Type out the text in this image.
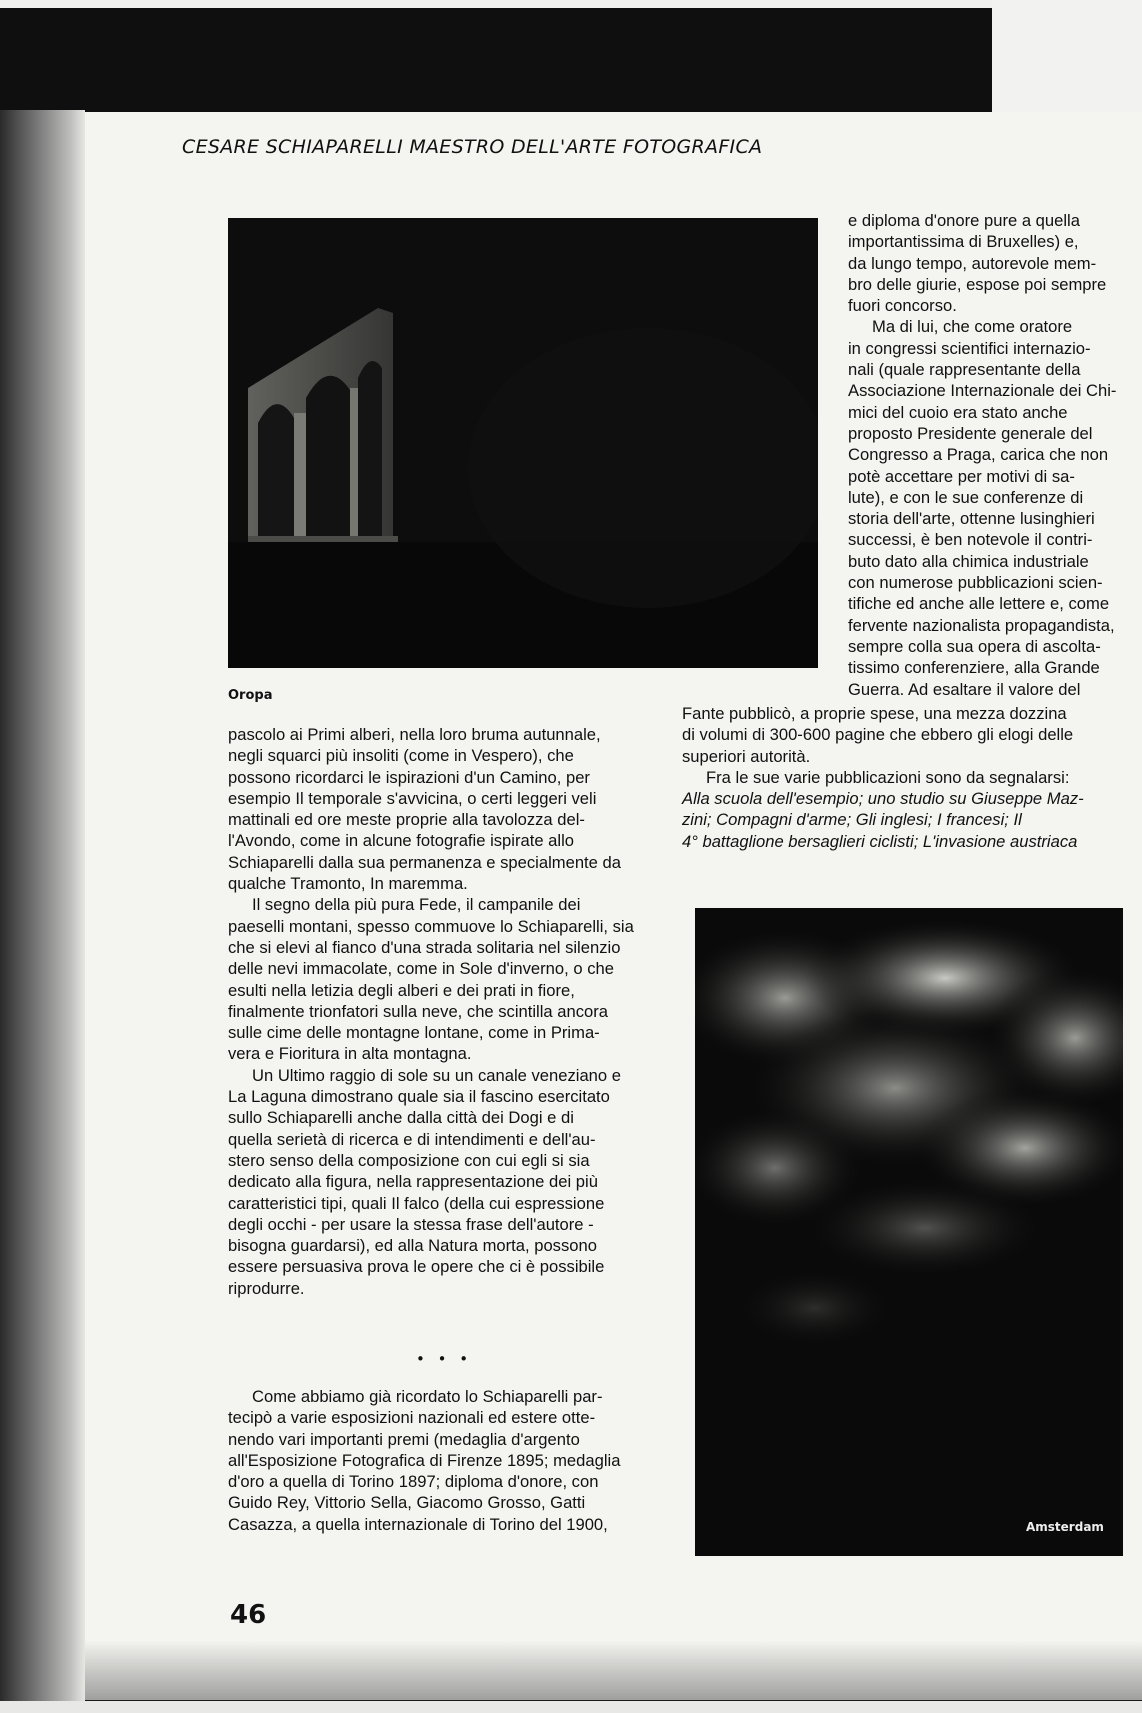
CESARE SCHIAPARELLI MAESTRO DELL'ARTE FOTOGRAFICA
Oropa

e diploma d'onore pure a quella
importantissima di Bruxelles) e,
da lungo tempo, autorevole mem-
bro delle giurie, espose poi sempre
fuori concorso.

Ma di lui, che come oratore
in congressi scientifici internazio-
nali (quale rappresentante della
Associazione Internazionale dei Chi-
mici del cuoio era stato anche
proposto Presidente generale del
Congresso a Praga, carica che non
potè accettare per motivi di sa-
lute), e con le sue conferenze di
storia dell'arte, ottenne lusinghieri
successi, è ben notevole il contri-
buto dato alla chimica industriale
con numerose pubblicazioni scien-
tifiche ed anche alle lettere e, come
fervente nazionalista propagandista,
sempre colla sua opera di ascolta-
tissimo conferenziere, alla Grande
Guerra. Ad esaltare il valore del

Fante pubblicò, a proprie spese, una mezza dozzina
di volumi di 300-600 pagine che ebbero gli elogi delle
superiori autorità.

Fra le sue varie pubblicazioni sono da segnalarsi:
Alla scuola dell'esempio; uno studio su Giuseppe Maz-
zini; Compagni d'arme; Gli inglesi; I francesi; Il
4° battaglione bersaglieri ciclisti; L'invasione austriaca

pascolo ai Primi alberi, nella loro bruma autunnale,
negli squarci più insoliti (come in Vespero), che
possono ricordarci le ispirazioni d'un Camino, per
esempio Il temporale s'avvicina, o certi leggeri veli
mattinali ed ore meste proprie alla tavolozza del-
l'Avondo, come in alcune fotografie ispirate allo
Schiaparelli dalla sua permanenza e specialmente da
qualche Tramonto, In maremma.

Il segno della più pura Fede, il campanile dei
paeselli montani, spesso commuove lo Schiaparelli, sia
che si elevi al fianco d'una strada solitaria nel silenzio
delle nevi immacolate, come in Sole d'inverno, o che
esulti nella letizia degli alberi e dei prati in fiore,
finalmente trionfatori sulla neve, che scintilla ancora
sulle cime delle montagne lontane, come in Prima-
vera e Fioritura in alta montagna.

Un Ultimo raggio di sole su un canale veneziano e
La Laguna dimostrano quale sia il fascino esercitato
sullo Schiaparelli anche dalla città dei Dogi e di
quella serietà di ricerca e di intendimenti e dell'au-
stero senso della composizione con cui egli si sia
dedicato alla figura, nella rappresentazione dei più
caratteristici tipi, quali Il falco (della cui espressione
degli occhi - per usare la stessa frase dell'autore -
bisogna guardarsi), ed alla Natura morta, possono
essere persuasiva prova le opere che ci è possibile
riprodurre.

• • •

Come abbiamo già ricordato lo Schiaparelli par-
tecipò a varie esposizioni nazionali ed estere otte-
nendo vari importanti premi (medaglia d'argento
all'Esposizione Fotografica di Firenze 1895; medaglia
d'oro a quella di Torino 1897; diploma d'onore, con
Guido Rey, Vittorio Sella, Giacomo Grosso, Gatti
Casazza, a quella internazionale di Torino del 1900,	Amsterdam
46
